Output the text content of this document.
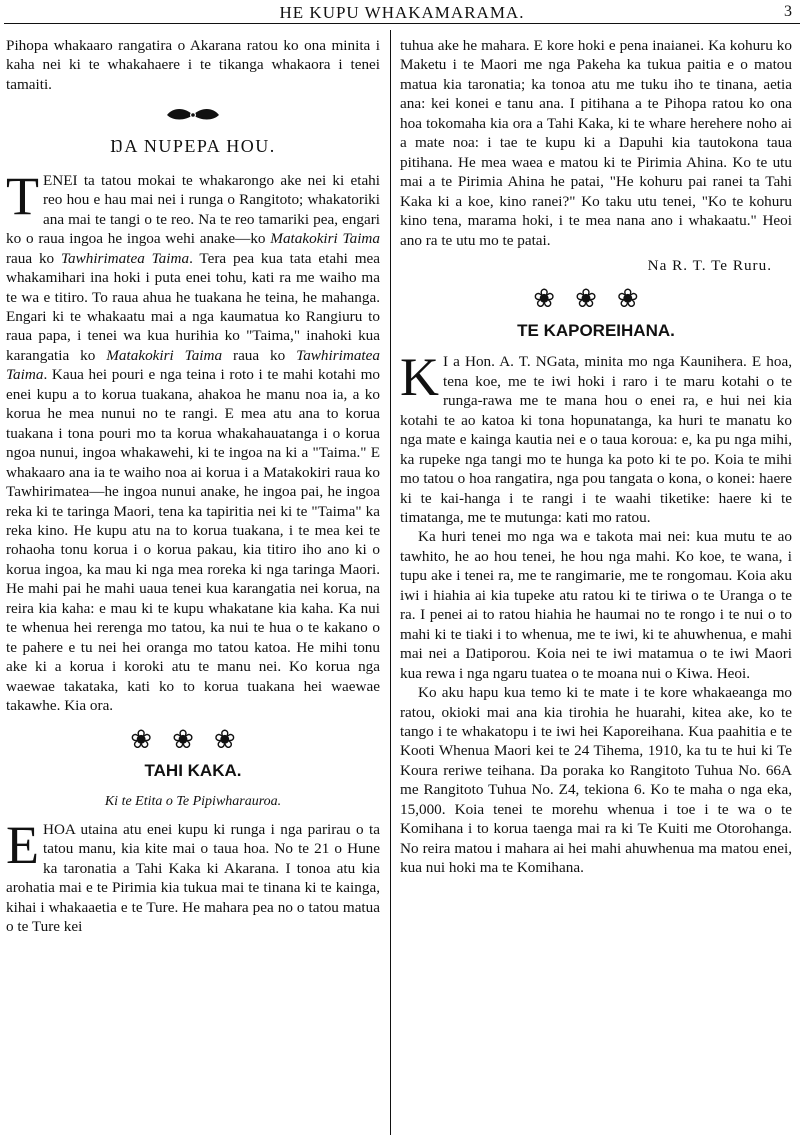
HE KUPU WHAKAMARAMA.	3

Pihopa whakaaro rangatira o Akarana ratou ko ona minita i kaha nei ki te whakahaere i te tikanga whakaora i tenei tamaiti.

ŊA NUPEPA HOU.

TENEI ta tatou mokai te whakarongo ake nei ki etahi reo hou e hau mai nei i runga o Rangitoto; whakatoriki ana mai te tangi o te reo. Na te reo tamariki pea, engari ko o raua ingoa he ingoa wehi anake—ko Matakokiri Taima raua ko Tawhirimatea Taima. Tera pea kua tata etahi mea whakamihari ina hoki i puta enei tohu, kati ra me waiho ma te wa e titiro. To raua ahua he tuakana he teina, he mahanga. Engari ki te whakaatu mai a nga kaumatua ko Rangiuru to raua papa, i tenei wa kua hurihia ko "Taima," inahoki kua karangatia ko Matakokiri Taima raua ko Tawhirimatea Taima. Kaua hei pouri e nga teina i roto i te mahi kotahi mo enei kupu a to korua tuakana, ahakoa he manu noa ia, a ko korua he mea nunui no te rangi. E mea atu ana to korua tuakana i tona pouri mo ta korua whakahauatanga i o korua ngoa nunui, ingoa whakawehi, ki te ingoa na ki a "Taima." E whakaaro ana ia te waiho noa ai korua i a Matakokiri raua ko Tawhirimatea—he ingoa nunui anake, he ingoa pai, he ingoa reka ki te taringa Maori, tena ka tapiritia nei ki te "Taima" ka reka kino. He kupu atu na to korua tuakana, i te mea kei te rohaoha tonu korua i o korua pakau, kia titiro iho ano ki o korua ingoa, ka mau ki nga mea roreka ki nga taringa Maori. He mahi pai he mahi uaua tenei kua karangatia nei korua, na reira kia kaha: e mau ki te kupu whakatane kia kaha. Ka nui te whenua hei rerenga mo tatou, ka nui te hua o te kakano o te pahere e tu nei hei oranga mo tatou katoa. He mihi tonu ake ki a korua i koroki atu te manu nei. Ko korua nga waewae takataka, kati ko to korua tuakana hei waewae takawhe. Kia ora.

❀❀❀
TAHI KAKA.
Ki te Etita o Te Pipiwharauroa.

EHOA utaina atu enei kupu ki runga i nga parirau o ta tatou manu, kia kite mai o taua hoa. No te 21 o Hune ka taronatia a Tahi Kaka ki Akarana. I tonoa atu kia arohatia mai e te Pirimia kia tukua mai te tinana ki te kainga, kihai i whakaaetia e te Ture. He mahara pea no o tatou matua o te Ture kei

tuhua ake he mahara. E kore hoki e pena inaianei. Ka kohuru ko Maketu i te Maori me nga Pakeha ka tukua paitia e o matou matua kia taronatia; ka tonoa atu me tuku iho te tinana, aetia ana: kei konei e tanu ana. I pitihana a te Pihopa ratou ko ona hoa tokomaha kia ora a Tahi Kaka, ki te whare herehere noho ai a mate noa: i tae te kupu ki a Ŋapuhi kia tautokona taua pitihana. He mea waea e matou ki te Pirimia Ahina. Ko te utu mai a te Pirimia Ahina he patai, "He kohuru pai ranei ta Tahi Kaka ki a koe, kino ranei?" Ko taku utu tenei, "Ko te kohuru kino tena, marama hoki, i te mea nana ano i whakaatu." Heoi ano ra te utu mo te patai.

Na R. T. Te Ruru.
❀❀❀
TE KAPOREIHANA.

K I a Hon. A. T. NGata, minita mo nga Kaunihera. E hoa, tena koe, me te iwi hoki i raro i te maru kotahi o te runga-rawa me te mana hou o enei ra, e hui nei kia kotahi te ao katoa ki tona hopunatanga, ka huri te manatu ko nga mate e kainga kautia nei e o taua koroua: e, ka pu nga mihi, ka rupeke nga tangi mo te hunga ka poto ki te po. Koia te mihi mo tatou o hoa rangatira, nga pou tangata o kona, o konei: haere ki te kai-hanga i te rangi i te waahi tiketike: haere ki te timatanga, me te mutunga: kati mo ratou.

Ka huri tenei mo nga wa e takota mai nei: kua mutu te ao tawhito, he ao hou tenei, he hou nga mahi. Ko koe, te wana, i tupu ake i tenei ra, me te rangimarie, me te rongomau. Koia aku iwi i hiahia ai kia tupeke atu ratou ki te tiriwa o te Uranga o te ra. I penei ai to ratou hiahia he haumai no te rongo i te nui o to mahi ki te tiaki i to whenua, me te iwi, ki te ahuwhenua, e mahi mai nei a Ŋatiporou. Koia nei te iwi matamua o te iwi Maori kua rewa i nga ngaru tuatea o te moana nui o Kiwa. Heoi.

Ko aku hapu kua temo ki te mate i te kore whakaeanga mo ratou, okioki mai ana kia tirohia he huarahi, kitea ake, ko te tango i te whakatopu i te iwi hei Kaporeihana. Kua paahitia e te Kooti Whenua Maori kei te 24 Tihema, 1910, ka tu te hui ki Te Koura reriwe teihana. Ŋa poraka ko Rangitoto Tuhua No. 66A me Rangitoto Tuhua No. Z4, tekiona 6. Ko te maha o nga eka, 15,000. Koia tenei te morehu whenua i toe i te wa o te Komihana i to korua taenga mai ra ki Te Kuiti me Otorohanga. No reira matou i mahara ai hei mahi ahuwhenua ma matou enei, kua nui hoki ma te Komihana.
